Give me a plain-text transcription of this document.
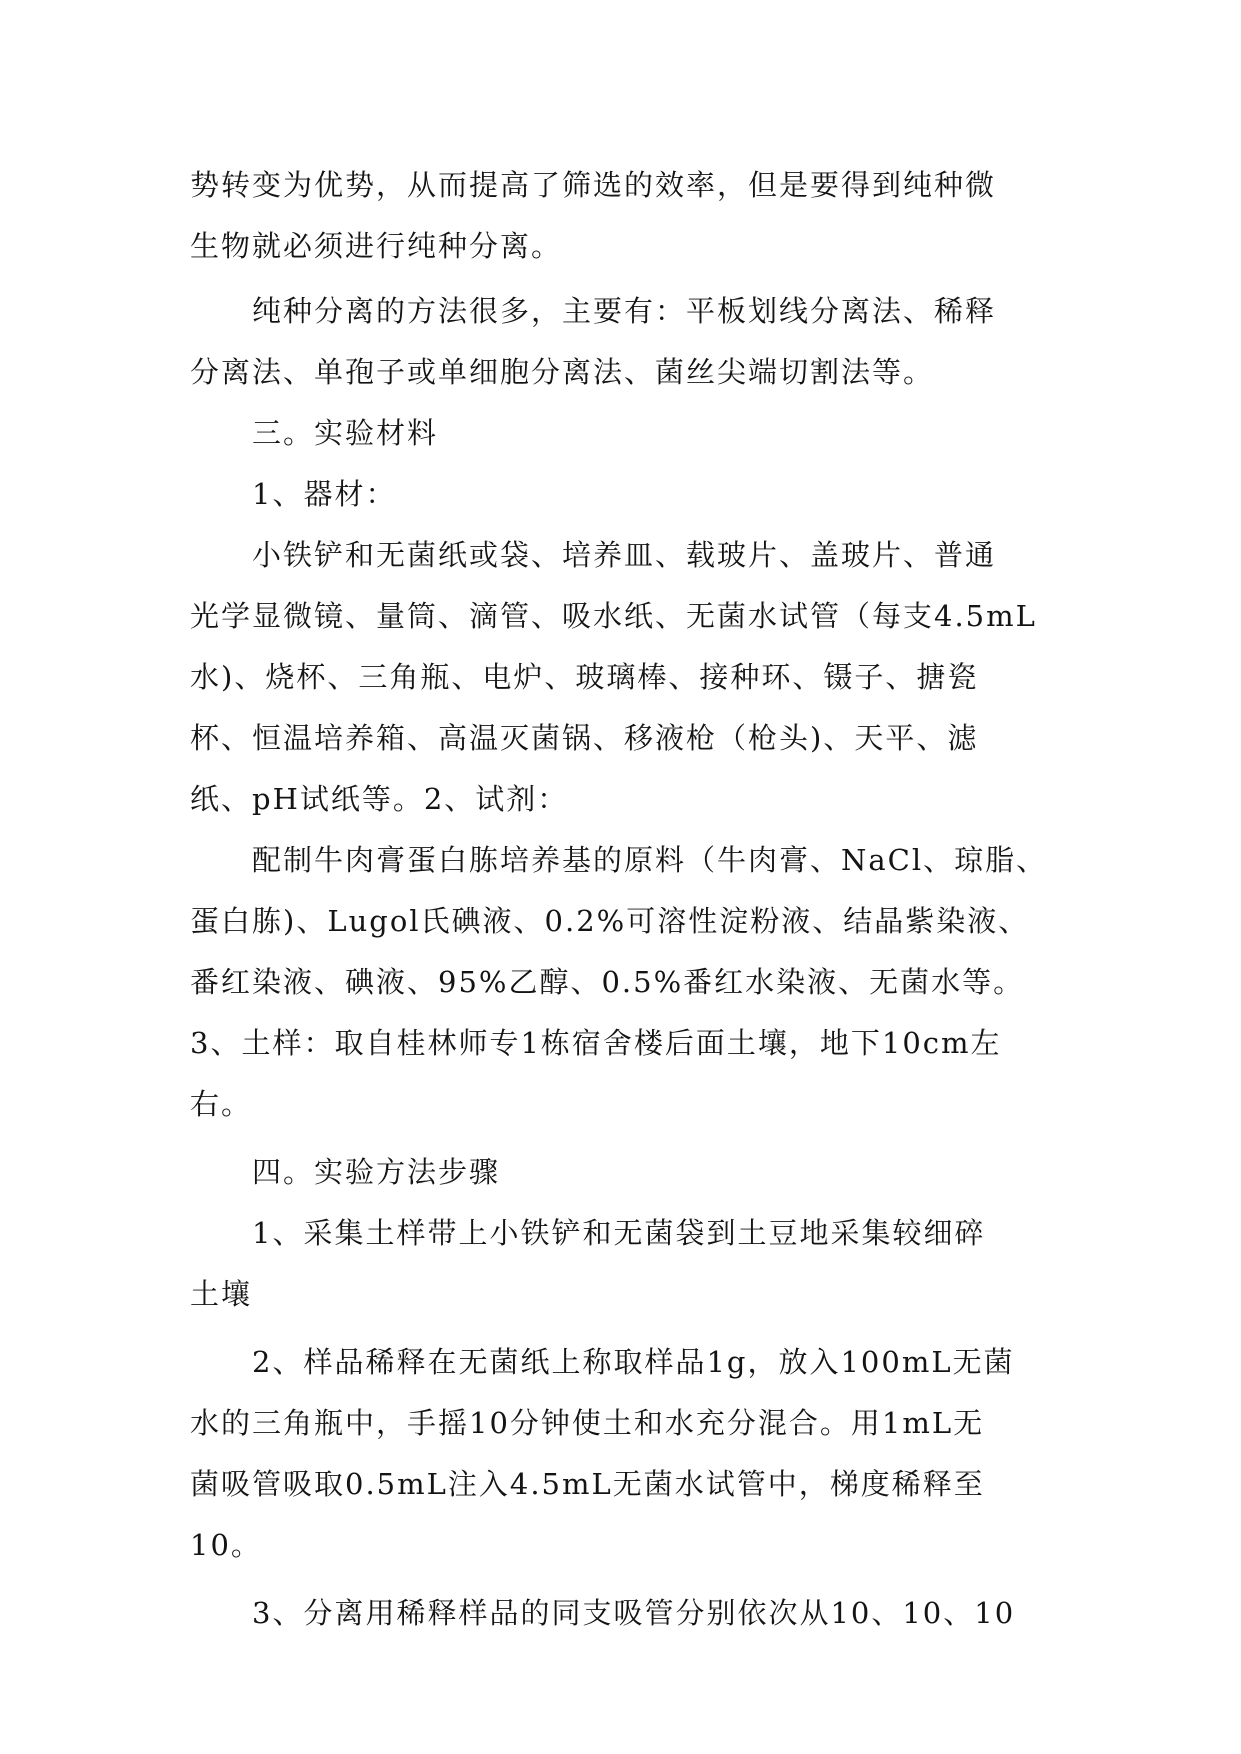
势转变为优势，从而提高了筛选的效率，但是要得到纯种微
生物就必须进行纯种分离。
　　纯种分离的方法很多，主要有：平板划线分离法、稀释
分离法、单孢子或单细胞分离法、菌丝尖端切割法等。
　　三。实验材料
　　1、器材：
　　小铁铲和无菌纸或袋、培养皿、载玻片、盖玻片、普通
光学显微镜、量筒、滴管、吸水纸、无菌水试管（每支4.5mL
水)、烧杯、三角瓶、电炉、玻璃棒、接种环、镊子、搪瓷
杯、恒温培养箱、高温灭菌锅、移液枪（枪头)、天平、滤
纸、pH试纸等。2、试剂：
　　配制牛肉膏蛋白胨培养基的原料（牛肉膏、NaCl、琼脂、
蛋白胨)、Lugol氏碘液、0.2%可溶性淀粉液、结晶紫染液、
番红染液、碘液、95%乙醇、0.5%番红水染液、无菌水等。
3、土样：取自桂林师专1栋宿舍楼后面土壤，地下10cm左
右。
　　四。实验方法步骤
　　1、采集土样带上小铁铲和无菌袋到土豆地采集较细碎
土壤
　　2、样品稀释在无菌纸上称取样品1g，放入100mL无菌
水的三角瓶中，手摇10分钟使土和水充分混合。用1mL无
菌吸管吸取0.5mL注入4.5mL无菌水试管中，梯度稀释至
10。
　　3、分离用稀释样品的同支吸管分别依次从10、10、10
